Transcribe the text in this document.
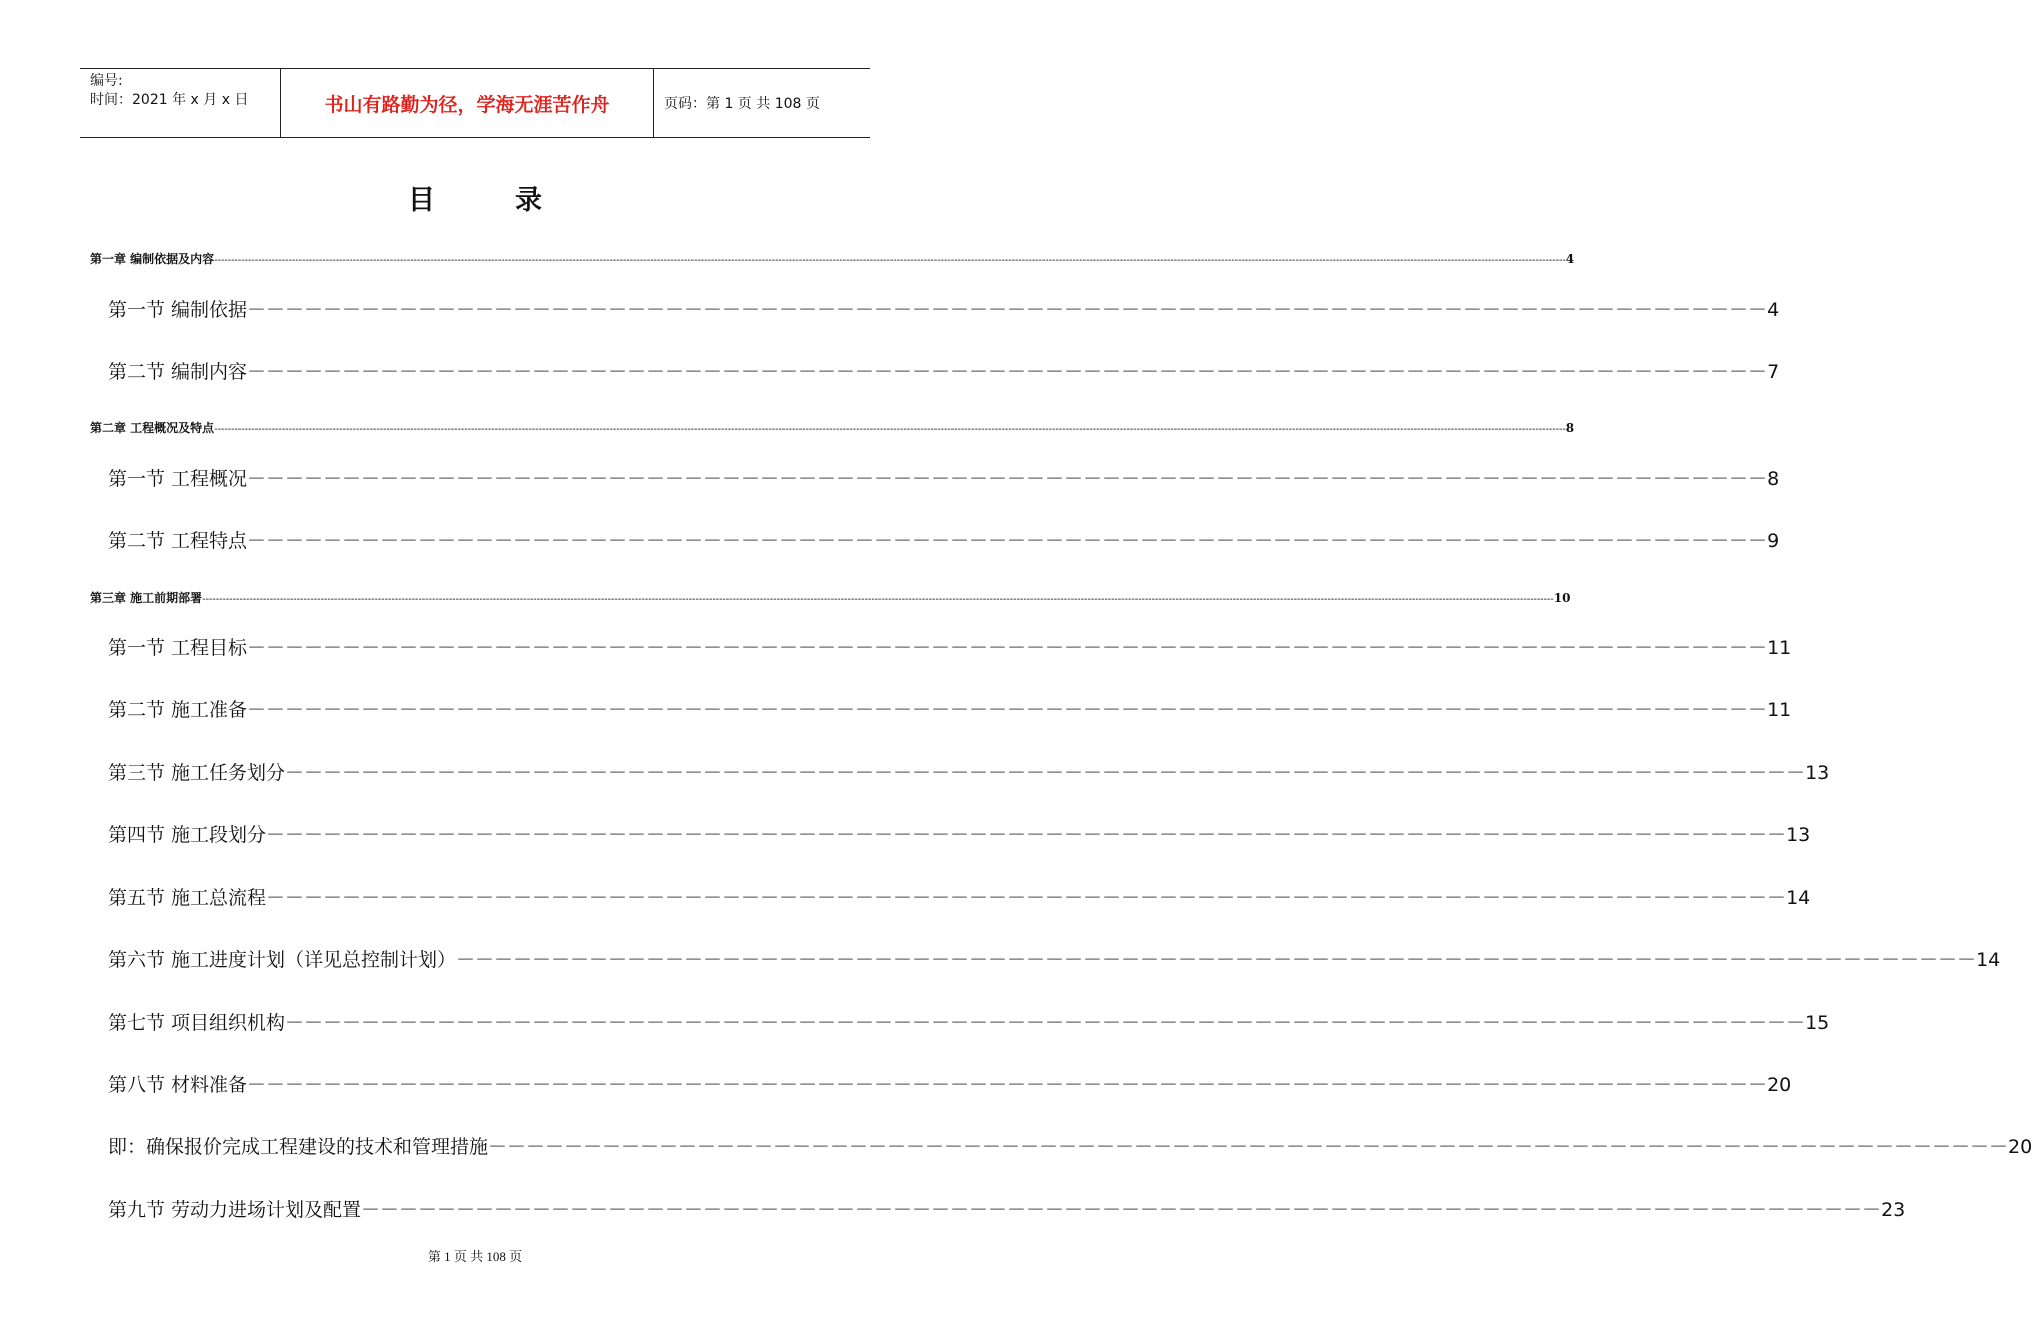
编号:
时间：2021 年 x 月 x 日	书山有路勤为径，学海无涯苦作舟	页码：第 1 页 共 108 页
目录
第一章 编制依据及内容 ---------------------------------------------------------------------------------------------------------------------------------------------------------------------------------------------------------------------------------------------------------------------------------------------------------------------------------------------------------------------------------------------------------------- 4
第一节 编制依据 －－－－－－－－－－－－－－－－－－－－－－－－－－－－－－－－－－－－－－－－－－－－－－－－－－－－－－－－－－－－－－－－－－－－－－－－－－－－－－－－ 4
第二节 编制内容 －－－－－－－－－－－－－－－－－－－－－－－－－－－－－－－－－－－－－－－－－－－－－－－－－－－－－－－－－－－－－－－－－－－－－－－－－－－－－－－－ 7
第二章 工程概况及特点 ---------------------------------------------------------------------------------------------------------------------------------------------------------------------------------------------------------------------------------------------------------------------------------------------------------------------------------------------------------------------------------------------------------------- 8
第一节 工程概况 －－－－－－－－－－－－－－－－－－－－－－－－－－－－－－－－－－－－－－－－－－－－－－－－－－－－－－－－－－－－－－－－－－－－－－－－－－－－－－－－ 8
第二节 工程特点 －－－－－－－－－－－－－－－－－－－－－－－－－－－－－－－－－－－－－－－－－－－－－－－－－－－－－－－－－－－－－－－－－－－－－－－－－－－－－－－－ 9
第三章 施工前期部署 ---------------------------------------------------------------------------------------------------------------------------------------------------------------------------------------------------------------------------------------------------------------------------------------------------------------------------------------------------------------------------------------------------------------- 10
第一节 工程目标 －－－－－－－－－－－－－－－－－－－－－－－－－－－－－－－－－－－－－－－－－－－－－－－－－－－－－－－－－－－－－－－－－－－－－－－－－－－－－－－－ 11
第二节 施工准备 －－－－－－－－－－－－－－－－－－－－－－－－－－－－－－－－－－－－－－－－－－－－－－－－－－－－－－－－－－－－－－－－－－－－－－－－－－－－－－－－ 11
第三节 施工任务划分 －－－－－－－－－－－－－－－－－－－－－－－－－－－－－－－－－－－－－－－－－－－－－－－－－－－－－－－－－－－－－－－－－－－－－－－－－－－－－－－－ 13
第四节 施工段划分 －－－－－－－－－－－－－－－－－－－－－－－－－－－－－－－－－－－－－－－－－－－－－－－－－－－－－－－－－－－－－－－－－－－－－－－－－－－－－－－－ 13
第五节 施工总流程 －－－－－－－－－－－－－－－－－－－－－－－－－－－－－－－－－－－－－－－－－－－－－－－－－－－－－－－－－－－－－－－－－－－－－－－－－－－－－－－－ 14
第六节 施工进度计划（详见总控制计划） －－－－－－－－－－－－－－－－－－－－－－－－－－－－－－－－－－－－－－－－－－－－－－－－－－－－－－－－－－－－－－－－－－－－－－－－－－－－－－－－ 14
第七节 项目组织机构 －－－－－－－－－－－－－－－－－－－－－－－－－－－－－－－－－－－－－－－－－－－－－－－－－－－－－－－－－－－－－－－－－－－－－－－－－－－－－－－－ 15
第八节 材料准备 －－－－－－－－－－－－－－－－－－－－－－－－－－－－－－－－－－－－－－－－－－－－－－－－－－－－－－－－－－－－－－－－－－－－－－－－－－－－－－－－ 20
即：确保报价完成工程建设的技术和管理措施 －－－－－－－－－－－－－－－－－－－－－－－－－－－－－－－－－－－－－－－－－－－－－－－－－－－－－－－－－－－－－－－－－－－－－－－－－－－－－－－－ 20
第九节 劳动力进场计划及配置 －－－－－－－－－－－－－－－－－－－－－－－－－－－－－－－－－－－－－－－－－－－－－－－－－－－－－－－－－－－－－－－－－－－－－－－－－－－－－－－－ 23
第 1 页 共 108 页
